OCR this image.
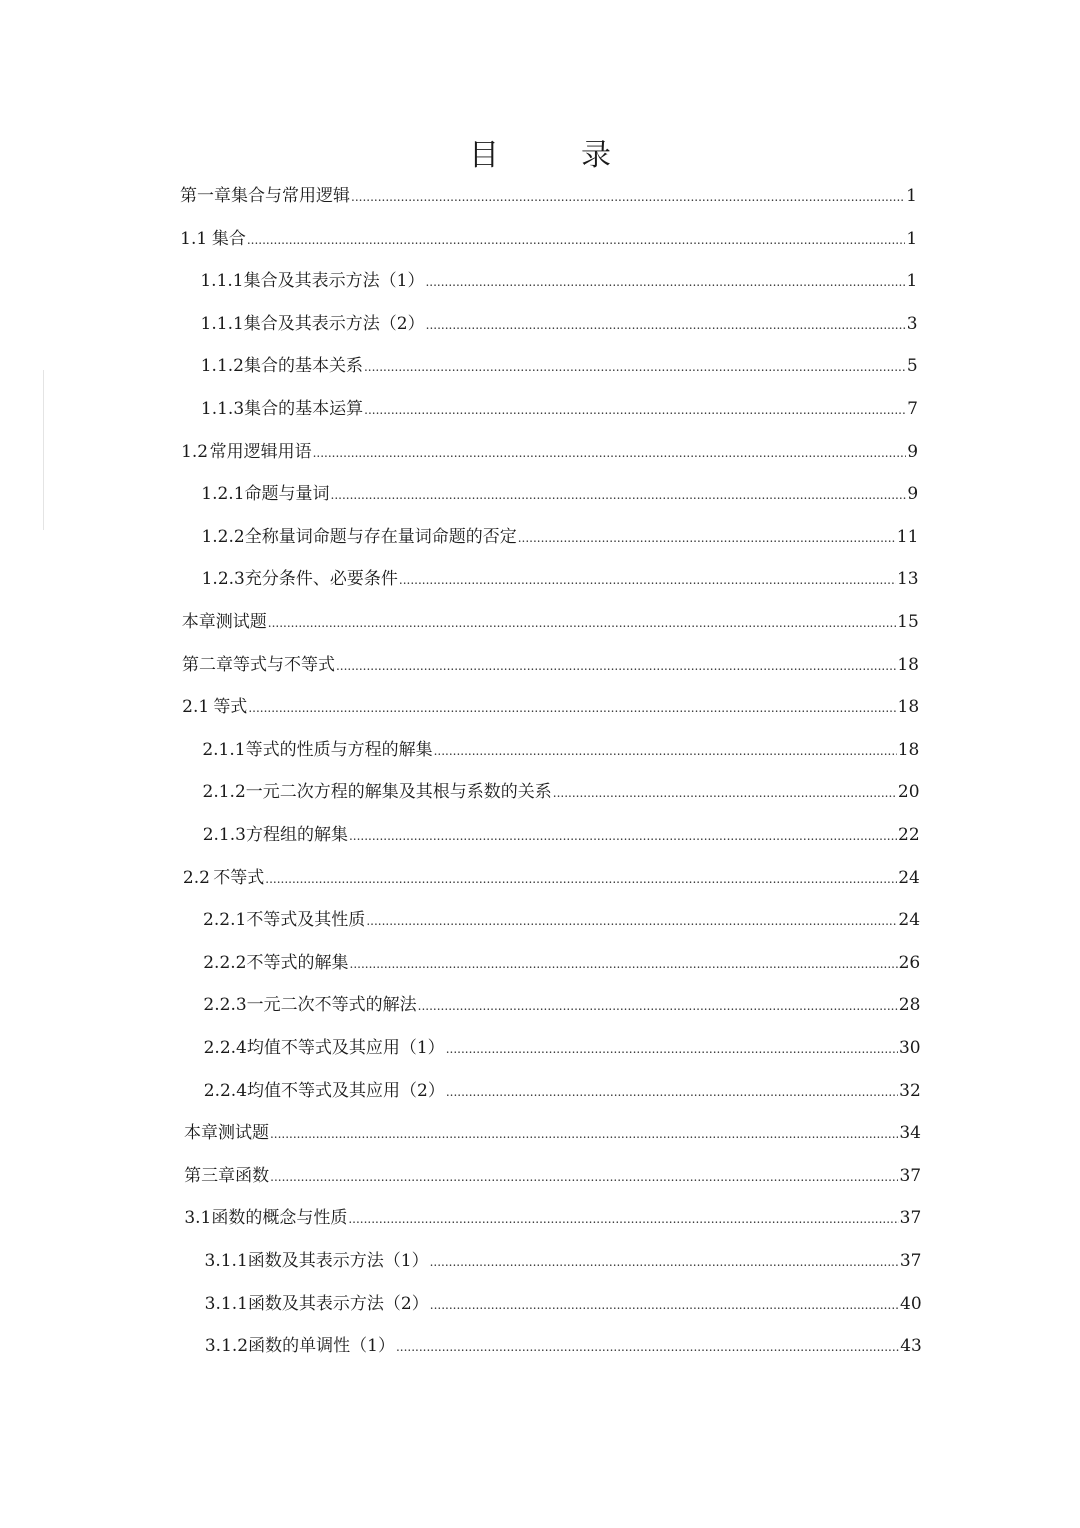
目　录
第一章 集合与常用逻辑 .....	1
1.1 集合 .....	1
1.1.1 集合及其表示方法（1） .....	1
1.1.1 集合及其表示方法（2） .....	3
1.1.2 集合的基本关系 .....	5
1.1.3 集合的基本运算 .....	7
1.2 常用逻辑用语 .....	9
1.2.1 命题与量词 .....	9
1.2.2 全称量词命题与存在量词命题的否定 .....	11
1.2.3 充分条件、必要条件 .....	13
本章测试题 .....	15
第二章 等式与不等式 .....	18
2.1 等式 .....	18
2.1.1 等式的性质与方程的解集 .....	18
2.1.2 一元二次方程的解集及其根与系数的关系 .....	20
2.1.3 方程组的解集 .....	22
2.2 不等式 .....	24
2.2.1 不等式及其性质 .....	24
2.2.2 不等式的解集 .....	26
2.2.3 一元二次不等式的解法 .....	28
2.2.4 均值不等式及其应用（1） .....	30
2.2.4 均值不等式及其应用（2） .....	32
本章测试题 .....	34
第三章 函数 .....	37
3.1 函数的概念与性质 .....	37
3.1.1 函数及其表示方法（1） .....	37
3.1.1 函数及其表示方法（2） .....	40
3.1.2 函数的单调性（1） .....	43
